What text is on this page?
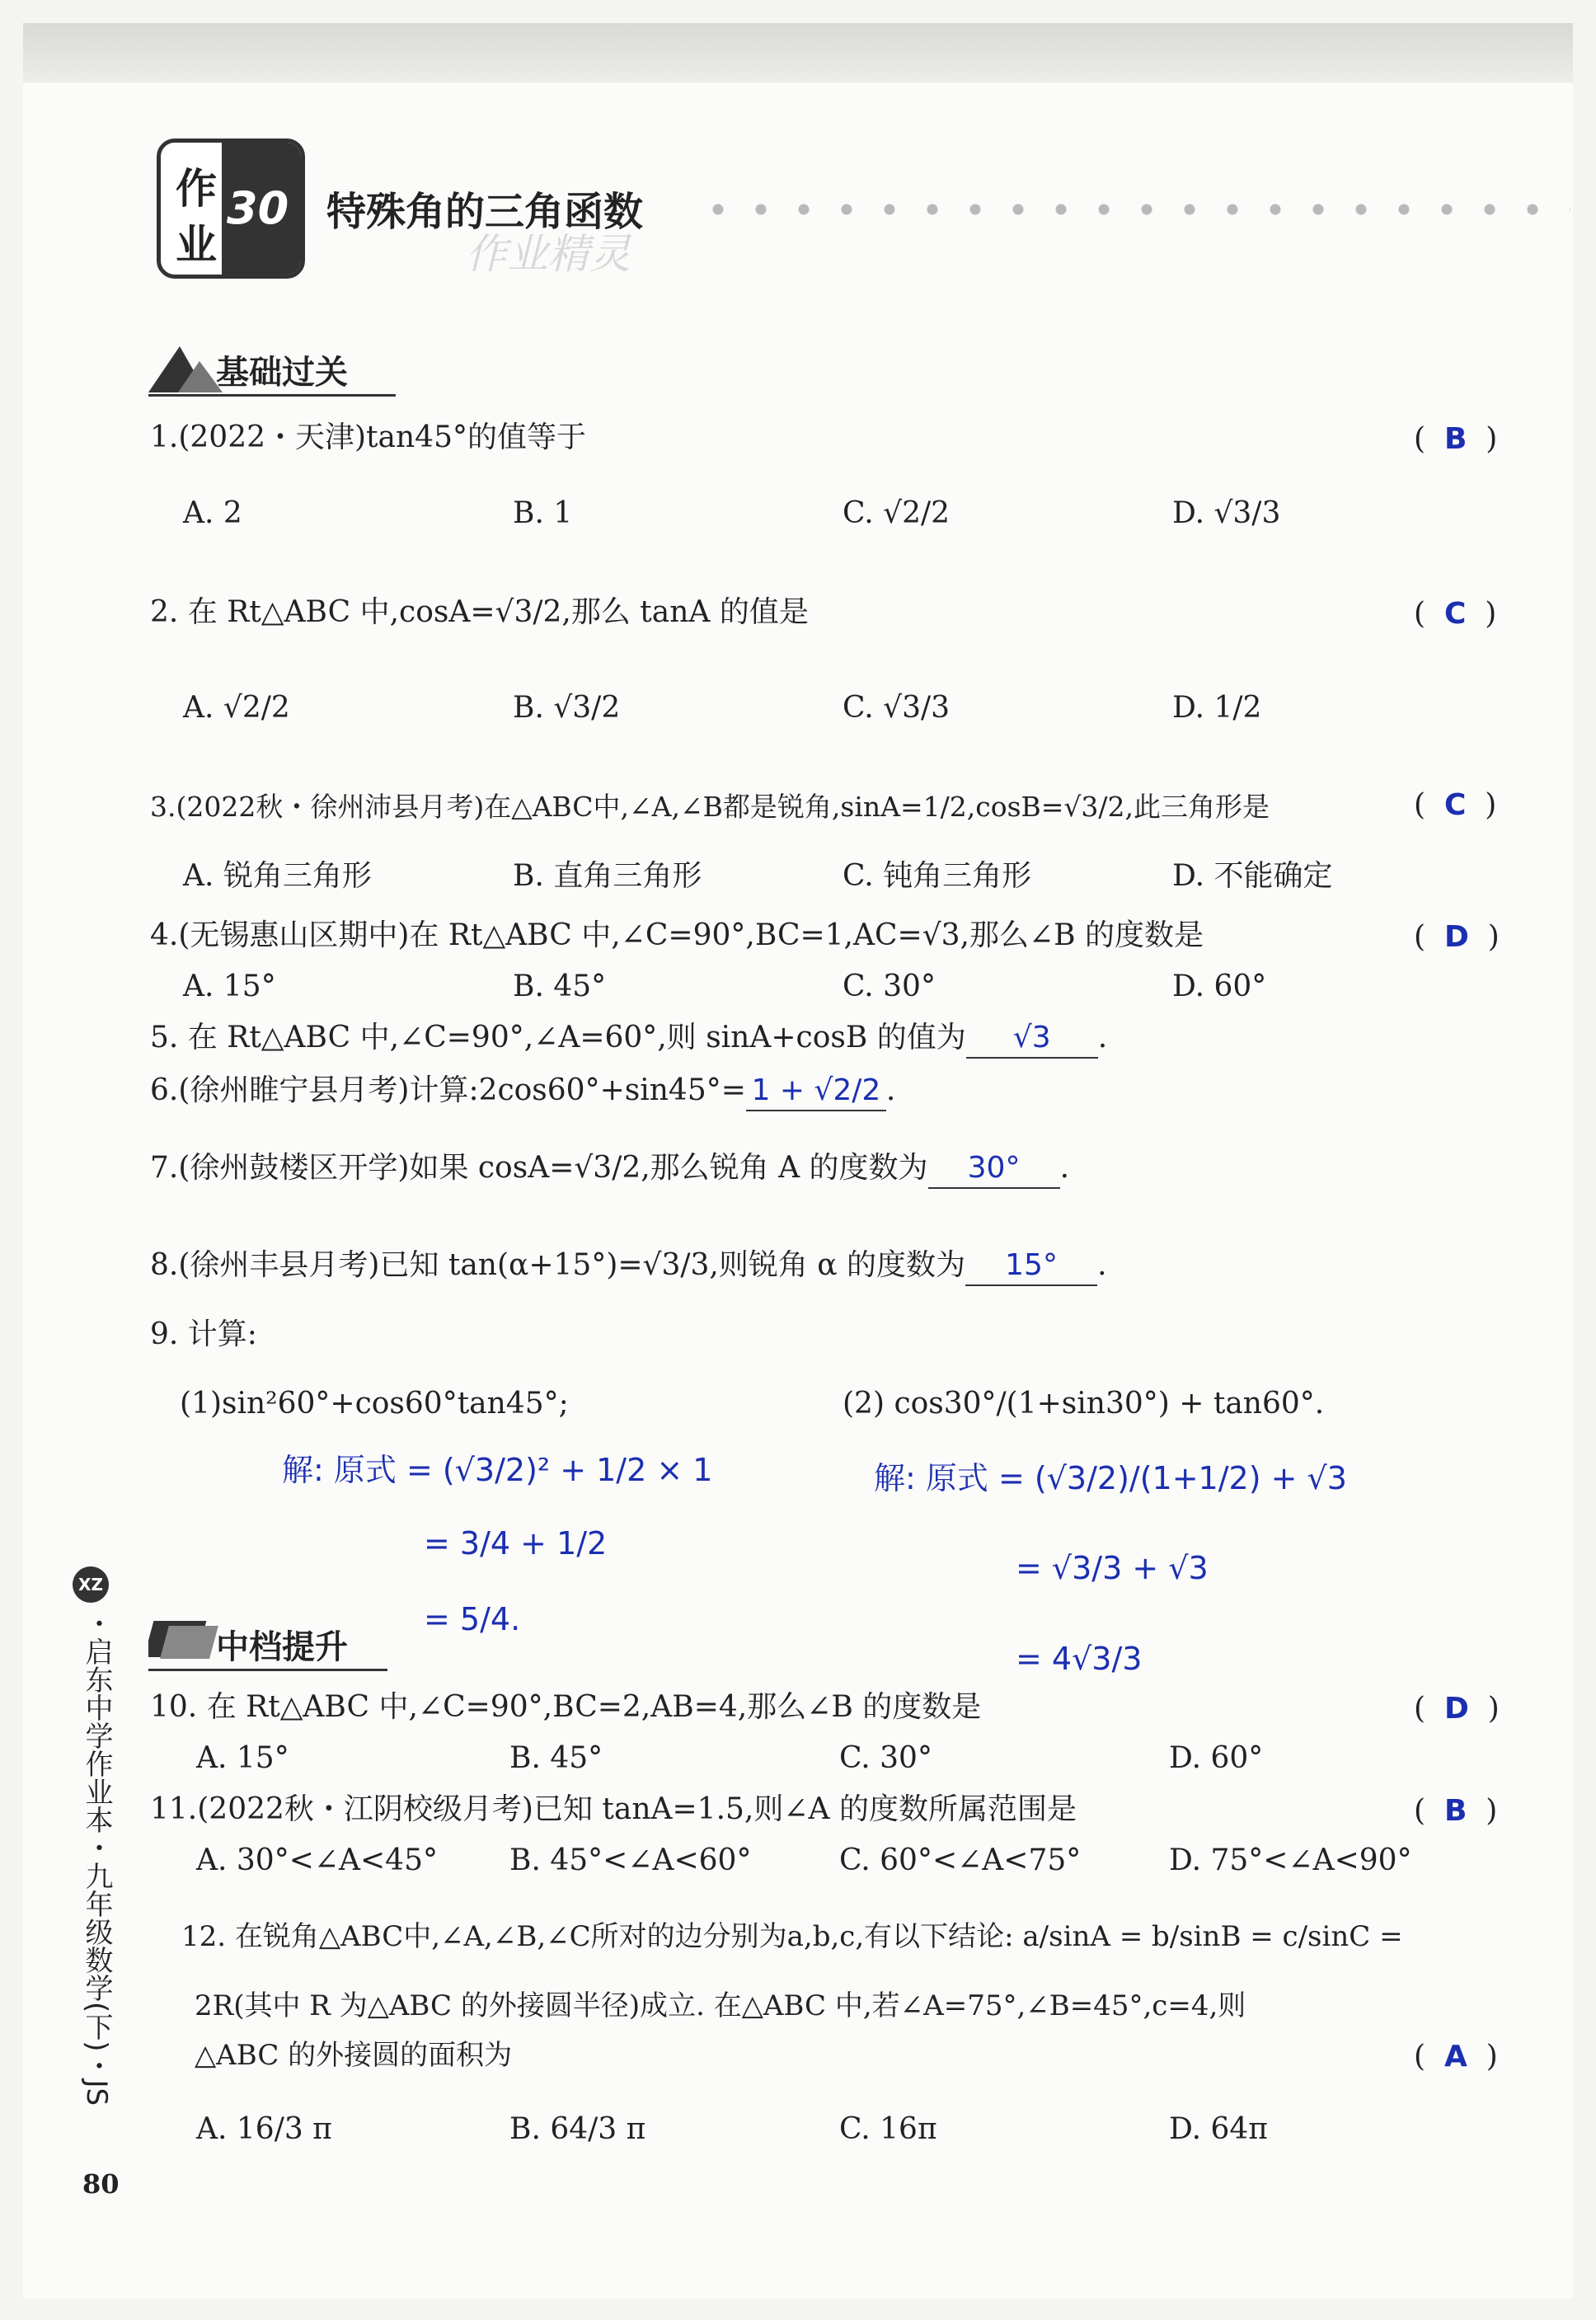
作
业
30 特殊角的三角函数
作业精灵
基础过关
1.(2022・天津)tan45°的值等于	(  B  )
A. 2	B. 1	C. √2/2	D. √3/3
2. 在 Rt△ABC 中,cosA=√3/2,那么 tanA 的值是	(  C  )
A. √2/2	B. √3/2	C. √3/3	D. 1/2
3.(2022秋・徐州沛县月考)在△ABC中,∠A,∠B都是锐角,sinA=1/2,cosB=√3/2,此三角形是	(  C  )
A. 锐角三角形	B. 直角三角形	C. 钝角三角形	D. 不能确定
4.(无锡惠山区期中)在 Rt△ABC 中,∠C=90°,BC=1,AC=√3,那么∠B 的度数是	(  D  )
A. 15°	B. 45°	C. 30°	D. 60°
5. 在 Rt△ABC 中,∠C=90°,∠A=60°,则 sinA+cosB 的值为 √3 .
6.(徐州睢宁县月考)计算:2cos60°+sin45°= 1 + √2/2 .
7.(徐州鼓楼区开学)如果 cosA=√3/2,那么锐角 A 的度数为 30° .
8.(徐州丰县月考)已知 tan(α+15°)=√3/3,则锐角 α 的度数为 15° .
9. 计算:
(1)sin²60°+cos60°tan45°;	(2) cos30°/(1+sin30°) + tan60°.
解: 原式 = (√3/2)² + 1/2 × 1
= 3/4 + 1/2
= 5/4.
解: 原式 = (√3/2)/(1+1/2) + √3
= √3/3 + √3
= 4√3/3
中档提升
10. 在 Rt△ABC 中,∠C=90°,BC=2,AB=4,那么∠B 的度数是	(  D  )
A. 15°	B. 45°	C. 30°	D. 60°
11.(2022秋・江阴校级月考)已知 tanA=1.5,则∠A 的度数所属范围是	(  B  )
A. 30°<∠A<45° B. 45°<∠A<60°	C. 60°<∠A<75°	D. 75°<∠A<90°
12. 在锐角△ABC中,∠A,∠B,∠C所对的边分别为a,b,c,有以下结论: a/sinA = b/sinB = c/sinC =
2R(其中 R 为△ABC 的外接圆半径)成立. 在△ABC 中,若∠A=75°,∠B=45°,c=4,则
△ABC 的外接圆的面积为	(  A  )
A. 16/3 π	B. 64/3 π	C. 16π	D. 64π
XZ
・启东中学作业本・九年级数学(下)・JS
80
